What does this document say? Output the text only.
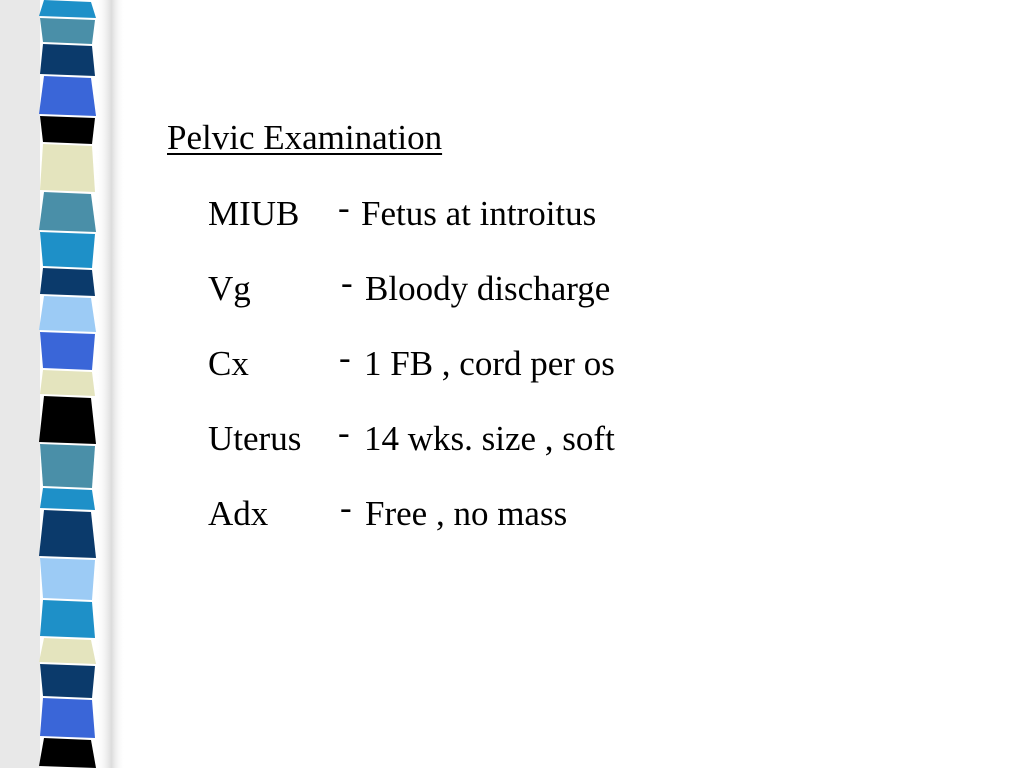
Pelvic Examination
MIUB - Fetus at introitus
Vg	- Bloody discharge
Cx	- 1 FB , cord per os
Uterus - 14 wks. size , soft
Adx - Free , no mass
